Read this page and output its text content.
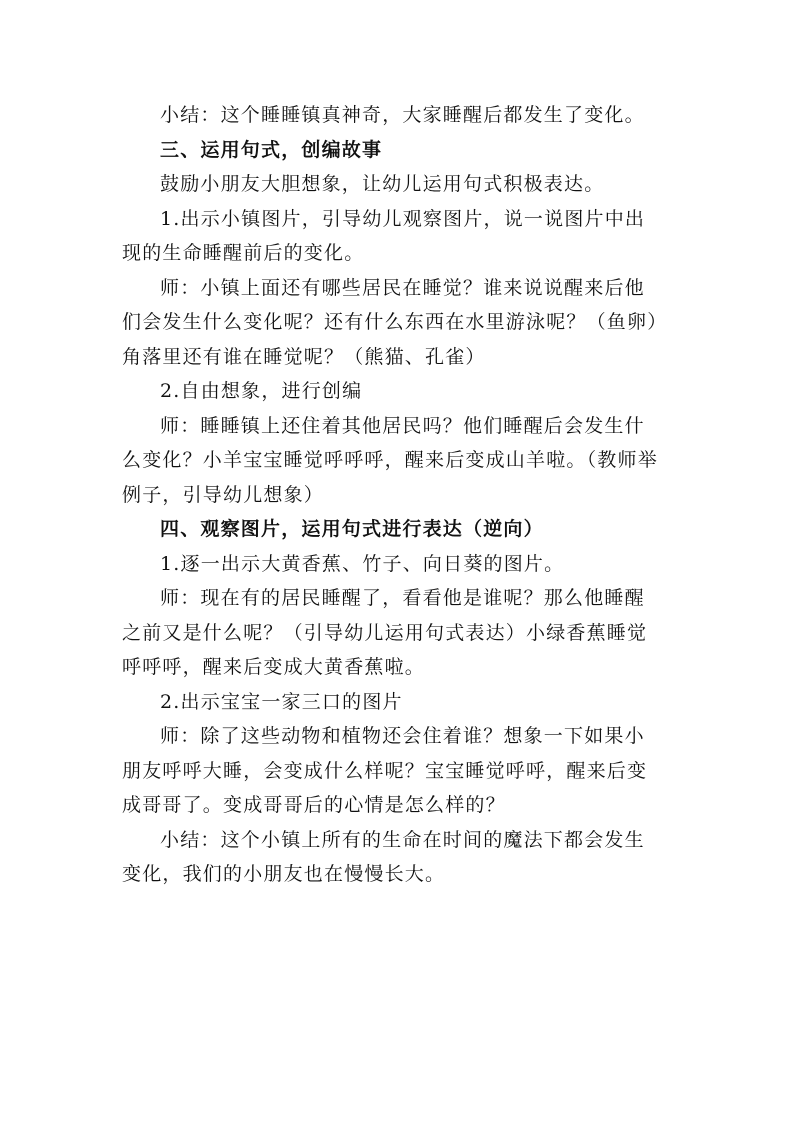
小结：这个睡睡镇真神奇，大家睡醒后都发生了变化。

三、运用句式，创编故事

鼓励小朋友大胆想象，让幼儿运用句式积极表达。

1.出示小镇图片，引导幼儿观察图片，说一说图片中出现的生命睡醒前后的变化。

师：小镇上面还有哪些居民在睡觉？谁来说说醒来后他们会发生什么变化呢？还有什么东西在水里游泳呢？（鱼卵）角落里还有谁在睡觉呢？（熊猫、孔雀）

2.自由想象，进行创编

师：睡睡镇上还住着其他居民吗？他们睡醒后会发生什么变化？小羊宝宝睡觉呼呼呼，醒来后变成山羊啦。（教师举例子，引导幼儿想象）

四、观察图片，运用句式进行表达（逆向）

1.逐一出示大黄香蕉、竹子、向日葵的图片。

师：现在有的居民睡醒了，看看他是谁呢？那么他睡醒之前又是什么呢？（引导幼儿运用句式表达）小绿香蕉睡觉呼呼呼，醒来后变成大黄香蕉啦。

2.出示宝宝一家三口的图片

师：除了这些动物和植物还会住着谁？想象一下如果小朋友呼呼大睡，会变成什么样呢？宝宝睡觉呼呼，醒来后变成哥哥了。变成哥哥后的心情是怎么样的？

小结：这个小镇上所有的生命在时间的魔法下都会发生变化，我们的小朋友也在慢慢长大。
